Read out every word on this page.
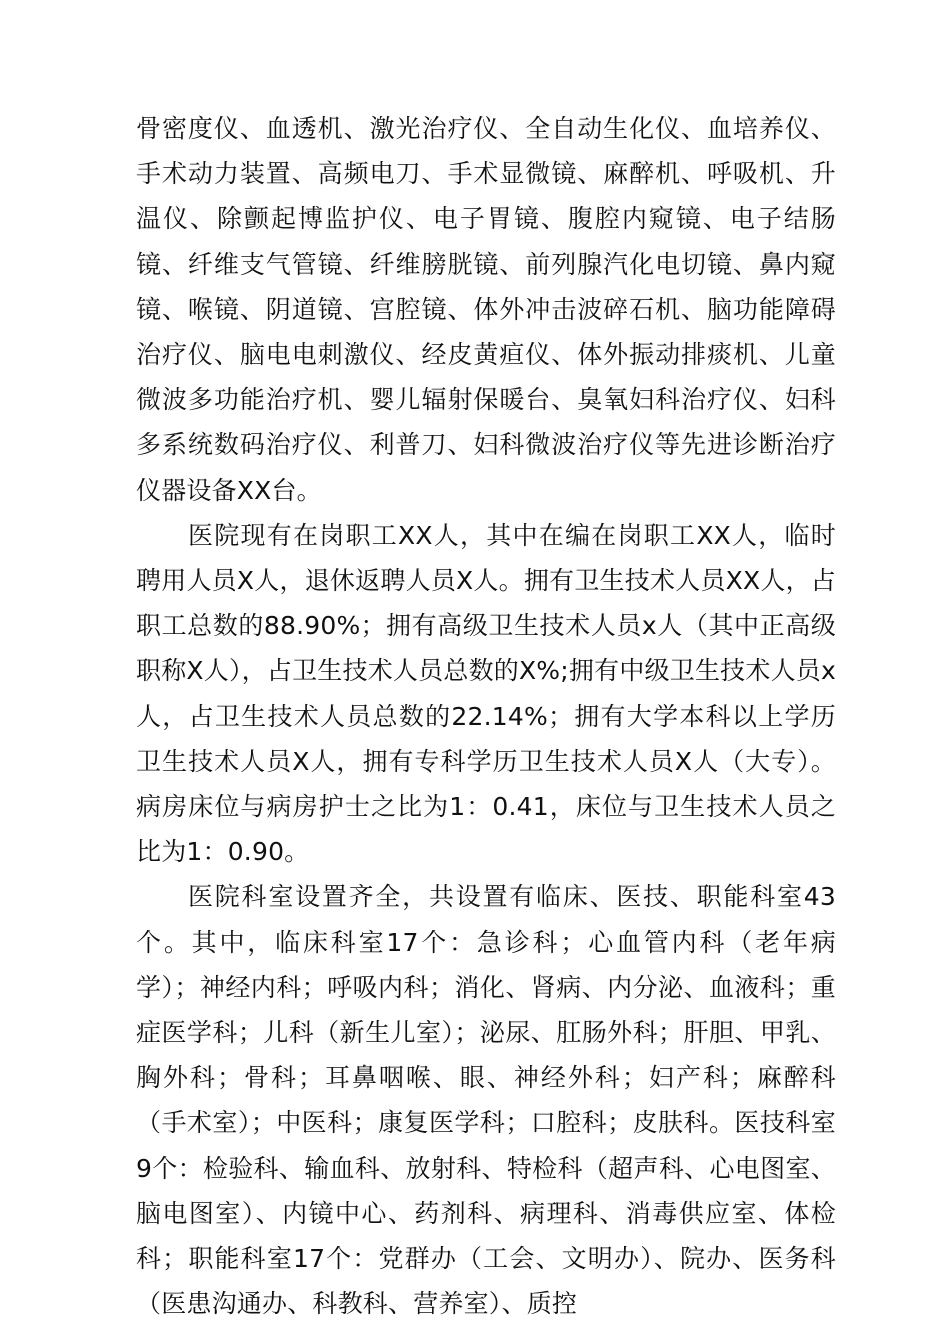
骨密度仪、血透机、激光治疗仪、全自动生化仪、血培养仪、手术动力装置、高频电刀、手术显微镜、麻醉机、呼吸机、升温仪、除颤起博监护仪、电子胃镜、腹腔内窥镜、电子结肠镜、纤维支气管镜、纤维膀胱镜、前列腺汽化电切镜、鼻内窥镜、喉镜、阴道镜、宫腔镜、体外冲击波碎石机、脑功能障碍治疗仪、脑电电刺激仪、经皮黄疸仪、体外振动排痰机、儿童微波多功能治疗机、婴儿辐射保暖台、臭氧妇科治疗仪、妇科多系统数码治疗仪、利普刀、妇科微波治疗仪等先进诊断治疗仪器设备XX台。

医院现有在岗职工XX人，其中在编在岗职工XX人，临时聘用人员X人，退休返聘人员X人。拥有卫生技术人员XX人，占职工总数的88.90%；拥有高级卫生技术人员x人（其中正高级职称X人），占卫生技术人员总数的X%;拥有中级卫生技术人员x人，占卫生技术人员总数的22.14%；拥有大学本科以上学历卫生技术人员X人，拥有专科学历卫生技术人员X人（大专）。病房床位与病房护士之比为1：0.41，床位与卫生技术人员之比为1：0.90。

医院科室设置齐全，共设置有临床、医技、职能科室43个。其中，临床科室17个：急诊科；心血管内科（老年病学）；神经内科；呼吸内科；消化、肾病、内分泌、血液科；重症医学科；儿科（新生儿室）；泌尿、肛肠外科；肝胆、甲乳、胸外科；骨科；耳鼻咽喉、眼、神经外科；妇产科；麻醉科（手术室）；中医科；康复医学科；口腔科；皮肤科。医技科室9个：检验科、输血科、放射科、特检科（超声科、心电图室、脑电图室）、内镜中心、药剂科、病理科、消毒供应室、体检科；职能科室17个：党群办（工会、文明办）、院办、医务科（医患沟通办、科教科、营养室）、质控
